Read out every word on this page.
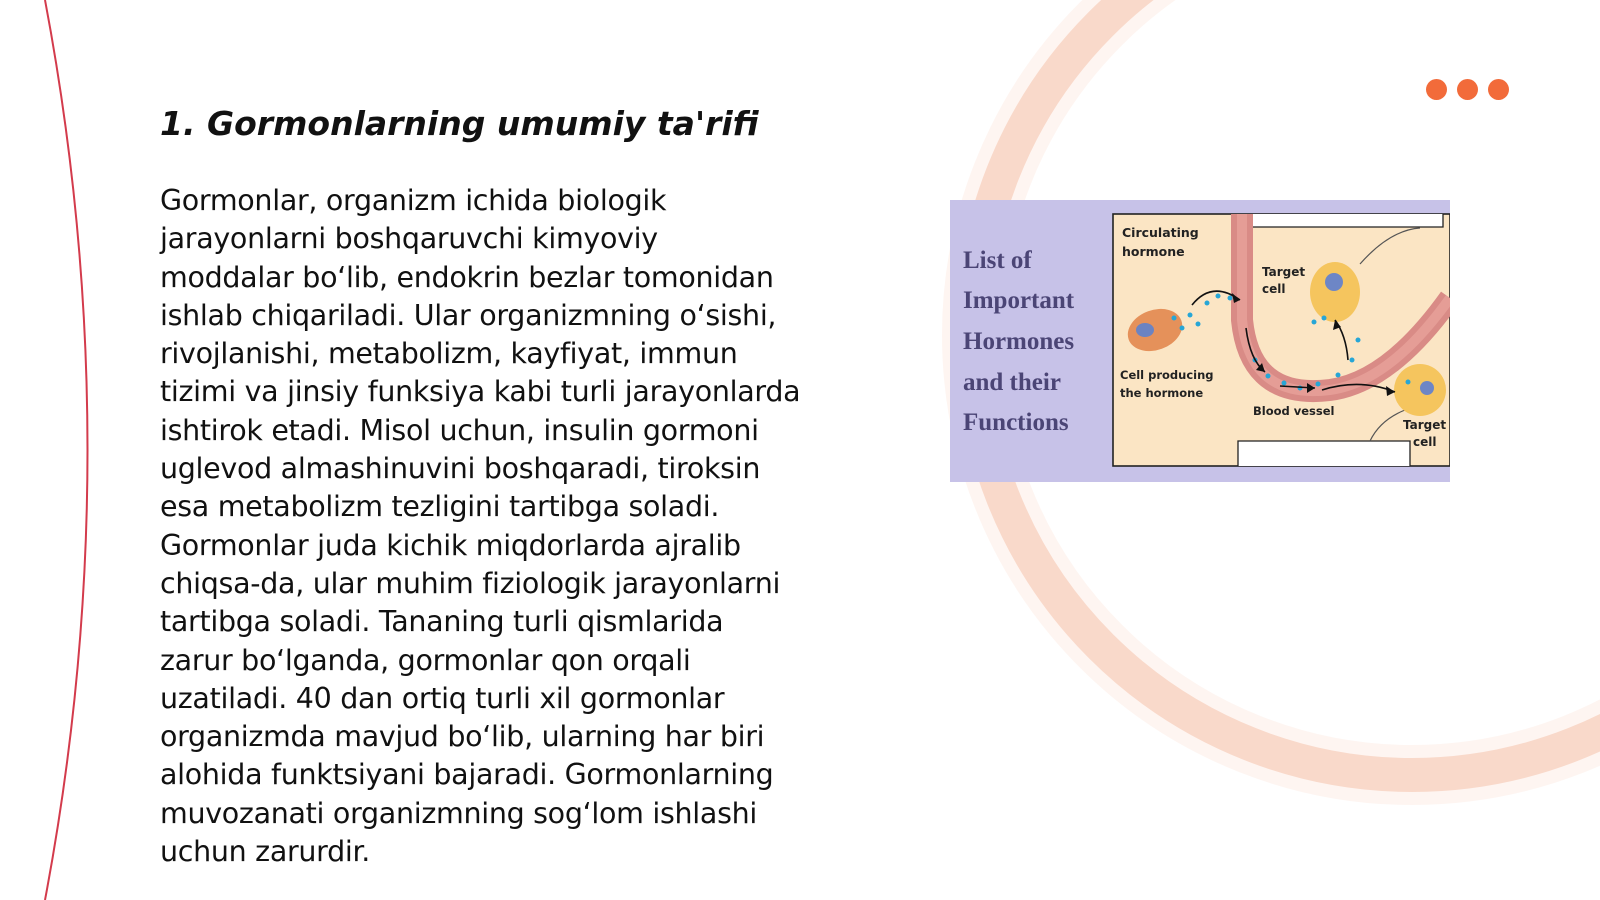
1. Gormonlarning umumiy ta'rifi

Gormonlar, organizm ichida biologik
jarayonlarni boshqaruvchi kimyoviy
moddalar bo‘lib, endokrin bezlar tomonidan
ishlab chiqariladi. Ular organizmning o‘sishi,
rivojlanishi, metabolizm, kayfiyat, immun
tizimi va jinsiy funksiya kabi turli jarayonlarda
ishtirok etadi. Misol uchun, insulin gormoni
uglevod almashinuvini boshqaradi, tiroksin
esa metabolizm tezligini tartibga soladi.
Gormonlar juda kichik miqdorlarda ajralib
chiqsa-da, ular muhim fiziologik jarayonlarni
tartibga soladi. Tananing turli qismlarida
zarur bo‘lganda, gormonlar qon orqali
uzatiladi. 40 dan ortiq turli xil gormonlar
organizmda mavjud bo‘lib, ularning har biri
alohida funktsiyani bajaradi. Gormonlarning
muvozanati organizmning sog‘lom ishlashi
uchun zarurdir.

List of Important Hormones and their Functions
Circulating hormone
Target cell
Cell producing the hormone
Blood vessel
Target cell
